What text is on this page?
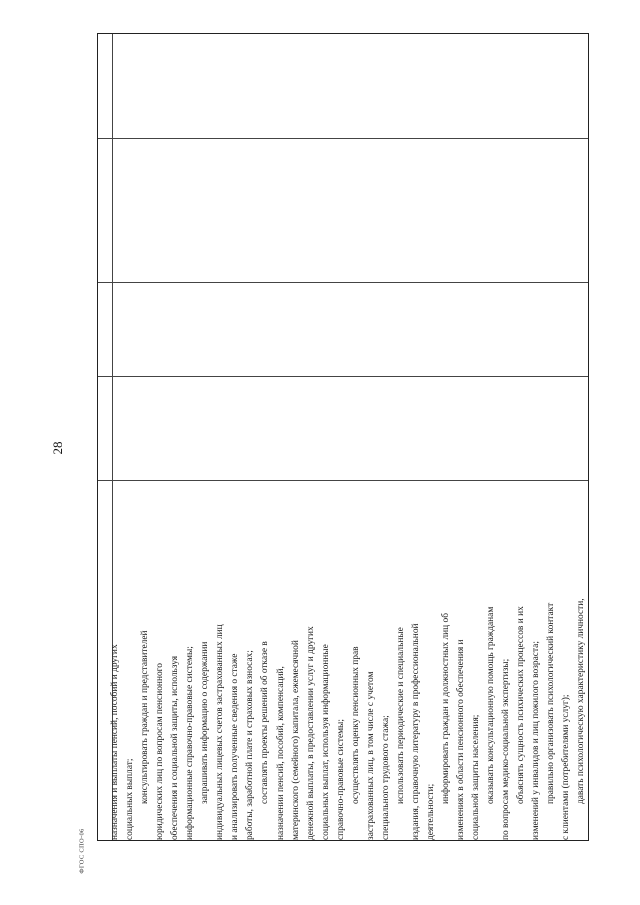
28

назначения и выплаты пенсий, пособий и других социальных выплат; консультировать граждан и представителей юридических лиц по вопросам пенсионного обеспечения и социальной защиты, используя информационные справочно-правовые системы; запрашивать информацию о содержании индивидуальных лицевых счетов застрахованных лиц и анализировать полученные сведения о стаже работы, заработной плате и страховых взносах; составлять проекты решений об отказе в назначении пенсий, пособий, компенсаций, материнского (семейного) капитала, ежемесячной денежной выплаты, в предоставлении услуг и других социальных выплат, используя информационные справочно-правовые системы; осуществлять оценку пенсионных прав застрахованных лиц, в том числе с учетом специального трудового стажа; использовать периодические и специальные издания, справочную литературу в профессиональной деятельности;

информировать граждан и должностных лиц об изменениях в области пенсионного обеспечения и социальной защиты населения; оказывать консультационную помощь гражданам по вопросам медико-социальной экспертизы; объяснять сущность психических процессов и их изменений у инвалидов и лиц пожилого возраста; правильно организовать психологический контакт с клиентами (потребителями услуг); давать психологическую характеристику личности,

ФГОС СПО-06
